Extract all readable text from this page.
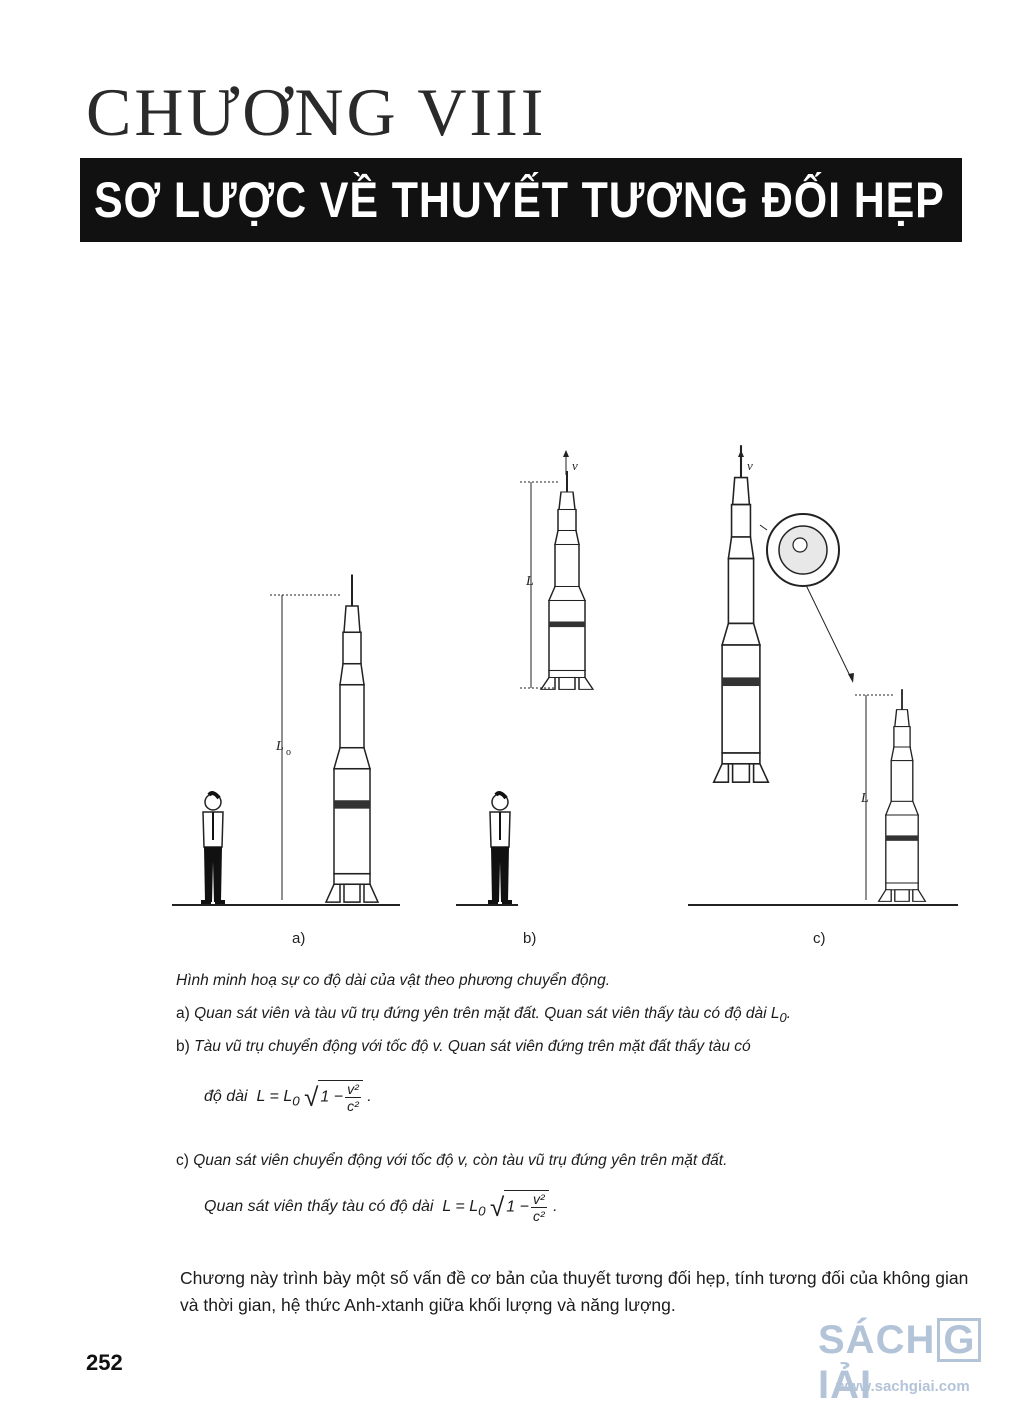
CHƯƠNG VIII
SƠ LƯỢC VỀ THUYẾT TƯƠNG ĐỐI HẸP
L o
L
v	v
L
a)	b)	c)
Hình minh hoạ sự co độ dài của vật theo phương chuyển động.
a) Quan sát viên và tàu vũ trụ đứng yên trên mặt đất. Quan sát viên thấy tàu có độ dài $L_0$.
b) Tàu vũ trụ chuyển động với tốc độ v. Quan sát viên đứng trên mặt đất thấy tàu có
độ dài $L = L_0$ √ $1 - \frac{\text{v²}}{\text{c²}}$ .
c) Quan sát viên chuyển động với tốc độ v, còn tàu vũ trụ đứng yên trên mặt đất.
Quan sát viên thấy tàu có độ dài $L = L_0$ √ $1 - \frac{\text{v²}}{\text{c²}}$ .
Chương này trình bày một số vấn đề cơ bản của thuyết tương đối hẹp, tính tương đối của không gian và thời gian, hệ thức Anh-xtanh giữa khối lượng và năng lượng.
252
SÁCH GIẢI
www.sachgiai.com
